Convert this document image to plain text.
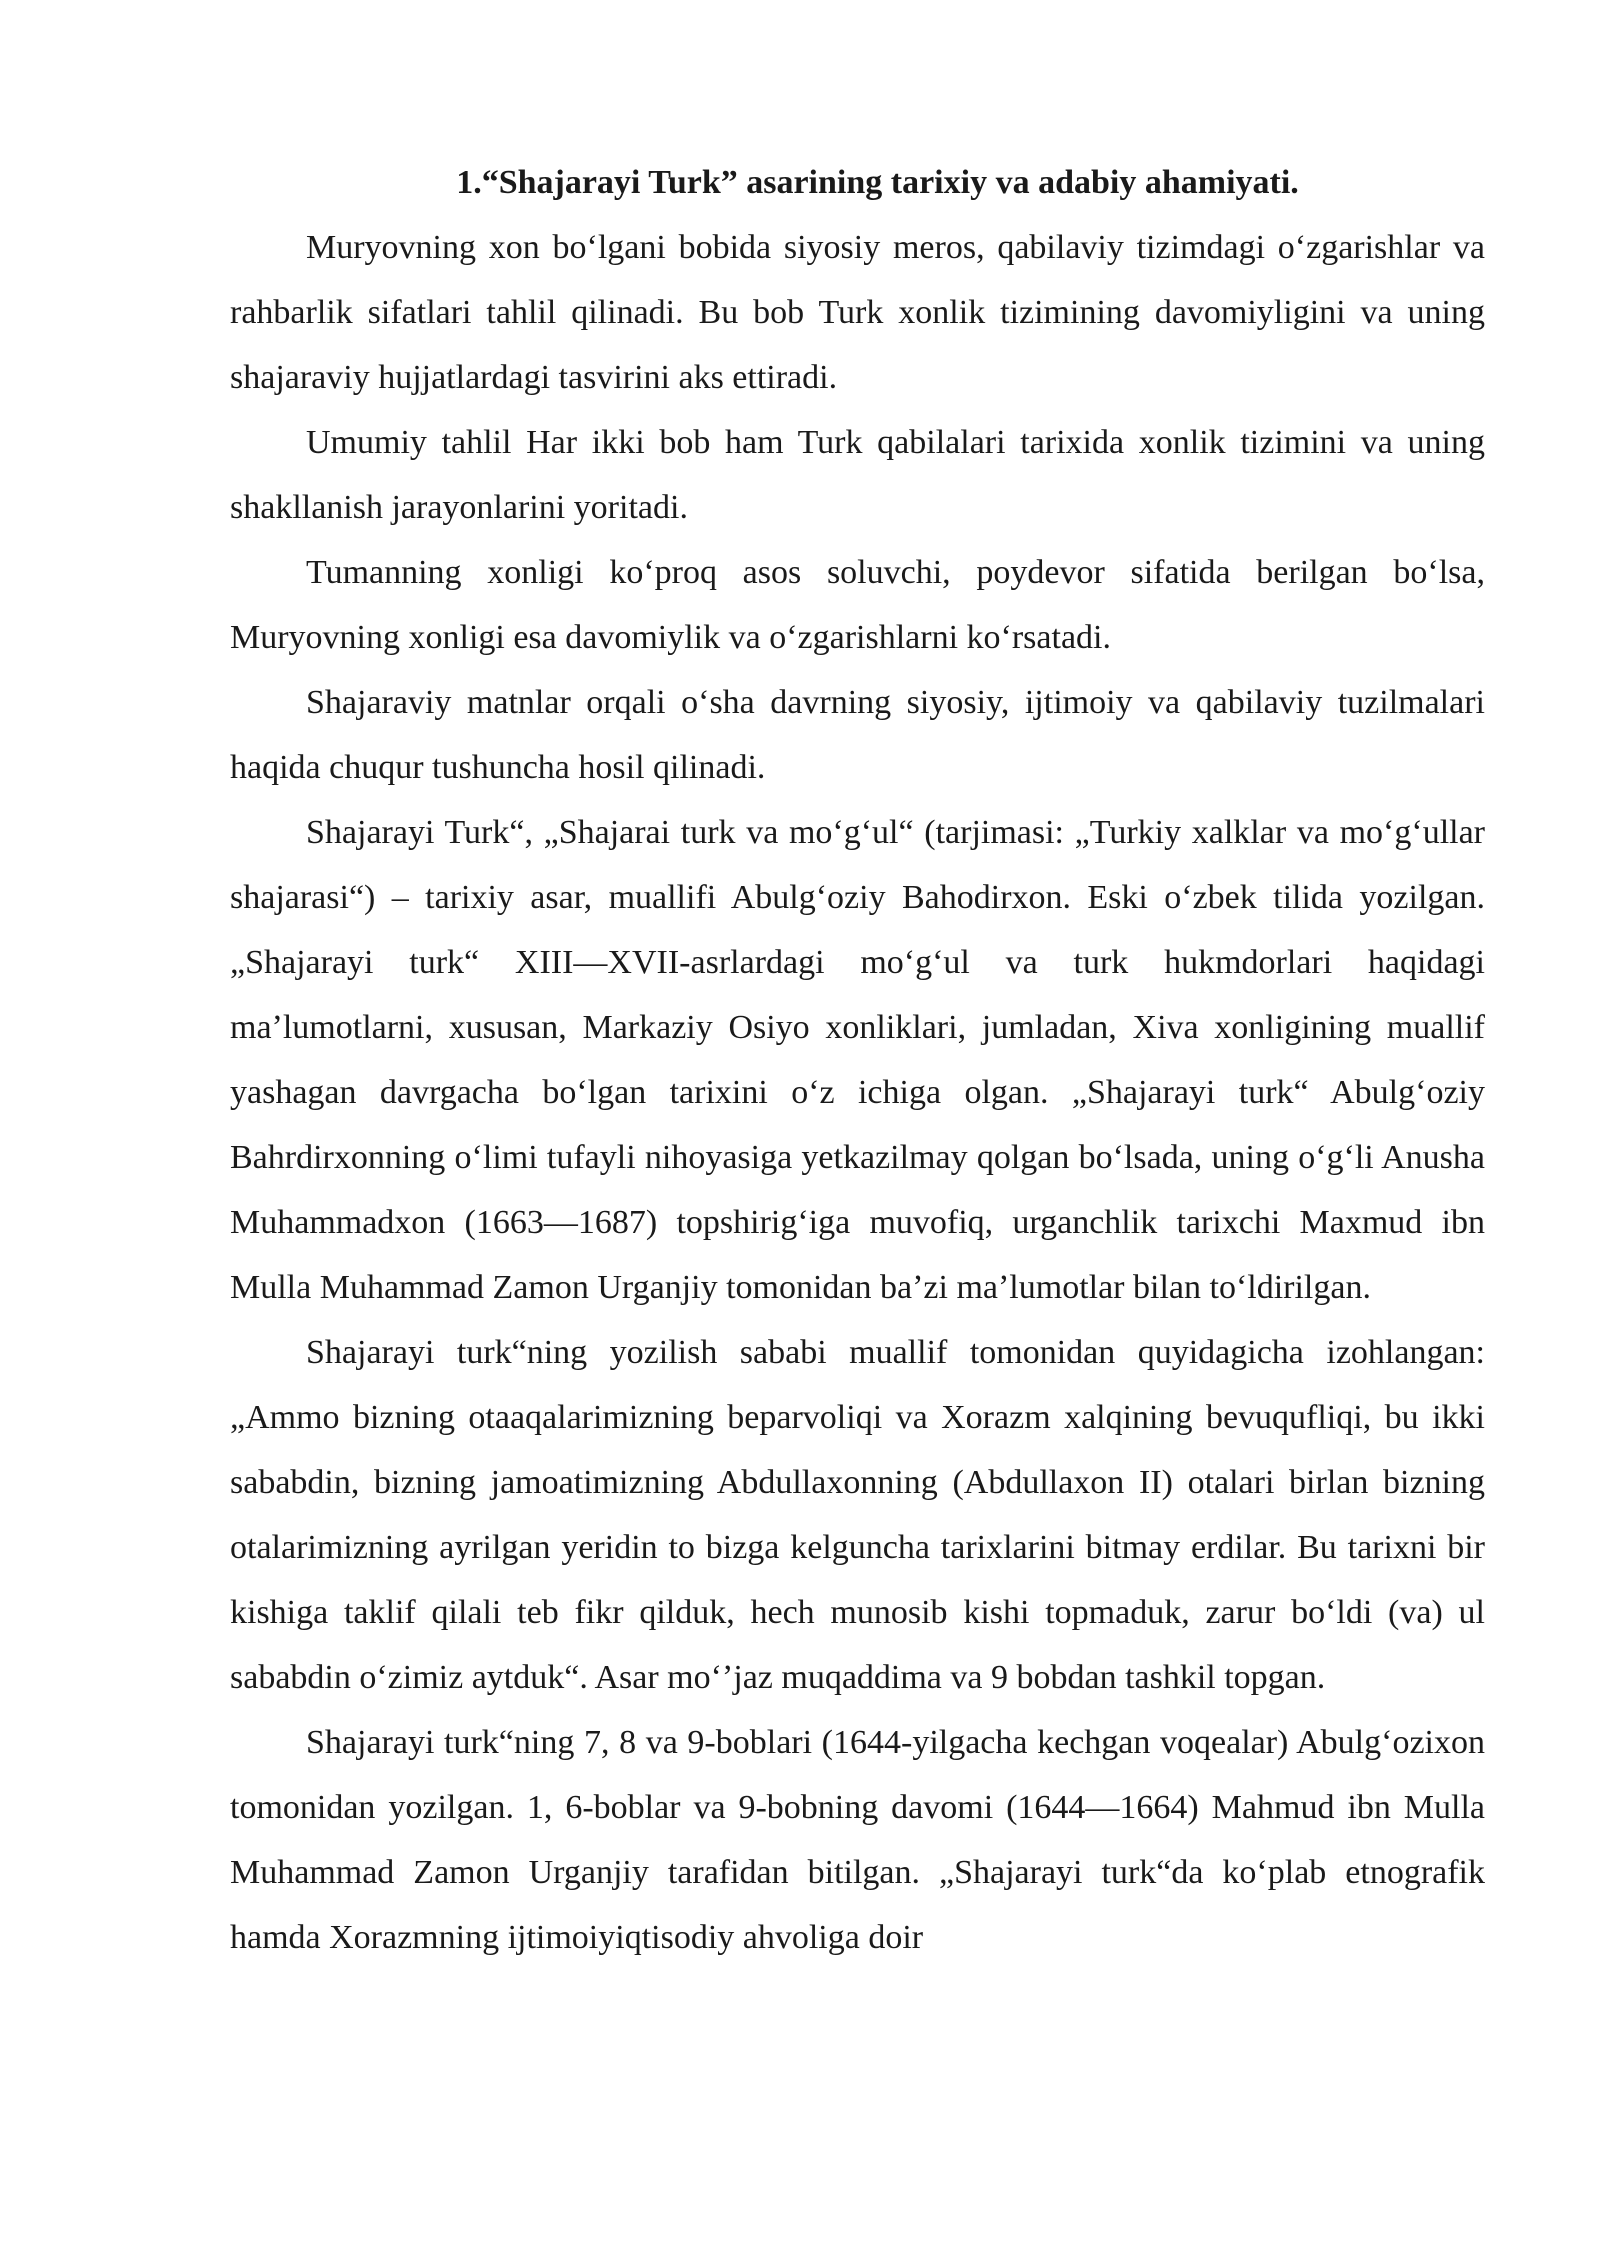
1.“Shajarayi Turk” asarining tarixiy va adabiy ahamiyati.

Muryovning xon boʻlgani bobida siyosiy meros, qabilaviy tizimdagi oʻzgarishlar va rahbarlik sifatlari tahlil qilinadi. Bu bob Turk xonlik tizimining davomiyligini va uning shajaraviy hujjatlardagi tasvirini aks ettiradi.

Umumiy tahlil Har ikki bob ham Turk qabilalari tarixida xonlik tizimini va uning shakllanish jarayonlarini yoritadi.

Tumanning xonligi koʻproq asos soluvchi, poydevor sifatida berilgan boʻlsa, Muryovning xonligi esa davomiylik va oʻzgarishlarni koʻrsatadi.

Shajaraviy matnlar orqali oʻsha davrning siyosiy, ijtimoiy va qabilaviy tuzilmalari haqida chuqur tushuncha hosil qilinadi.

Shajarayi Turk“, „Shajarai turk va moʻgʻul“ (tarjimasi: „Turkiy xalklar va moʻgʻullar shajarasi“) – tarixiy asar, muallifi Abulgʻoziy Bahodirxon. Eski oʻzbek tilida yozilgan. „Shajarayi turk“ XIII—XVII-asrlardagi moʻgʻul va turk hukmdorlari haqidagi maʼlumotlarni, xususan, Markaziy Osiyo xonliklari, jumladan, Xiva xonligining muallif yashagan davrgacha boʻlgan tarixini oʻz ichiga olgan. „Shajarayi turk“ Abulgʻoziy Bahrdirxonning oʻlimi tufayli nihoyasiga yetkazilmay qolgan boʻlsada, uning oʻgʻli Anusha Muhammadxon (1663—1687) topshirigʻiga muvofiq, urganchlik tarixchi Maxmud ibn Mulla Muhammad Zamon Urganjiy tomonidan baʼzi maʼlumotlar bilan toʻldirilgan.

Shajarayi turk“ning yozilish sababi muallif tomonidan quyidagicha izohlangan: „Ammo bizning otaaqalarimizning beparvoliqi va Xorazm xalqining bevuqufliqi, bu ikki sababdin, bizning jamoatimizning Abdullaxonning (Abdullaxon II) otalari birlan bizning otalarimizning ayrilgan yeridin to bizga kelguncha tarixlarini bitmay erdilar. Bu tarixni bir kishiga taklif qilali teb fikr qilduk, hech munosib kishi topmaduk, zarur boʻldi (va) ul sababdin oʻzimiz aytduk“. Asar moʻʼjaz muqaddima va 9 bobdan tashkil topgan.

Shajarayi turk“ning 7, 8 va 9-boblari (1644-yilgacha kechgan voqealar) Abulgʻozixon tomonidan yozilgan. 1, 6-boblar va 9-bobning davomi (1644—1664) Mahmud ibn Mulla Muhammad Zamon Urganjiy tarafidan bitilgan. „Shajarayi turk“da koʻplab etnografik hamda Xorazmning ijtimoiyiqtisodiy ahvoliga doir
